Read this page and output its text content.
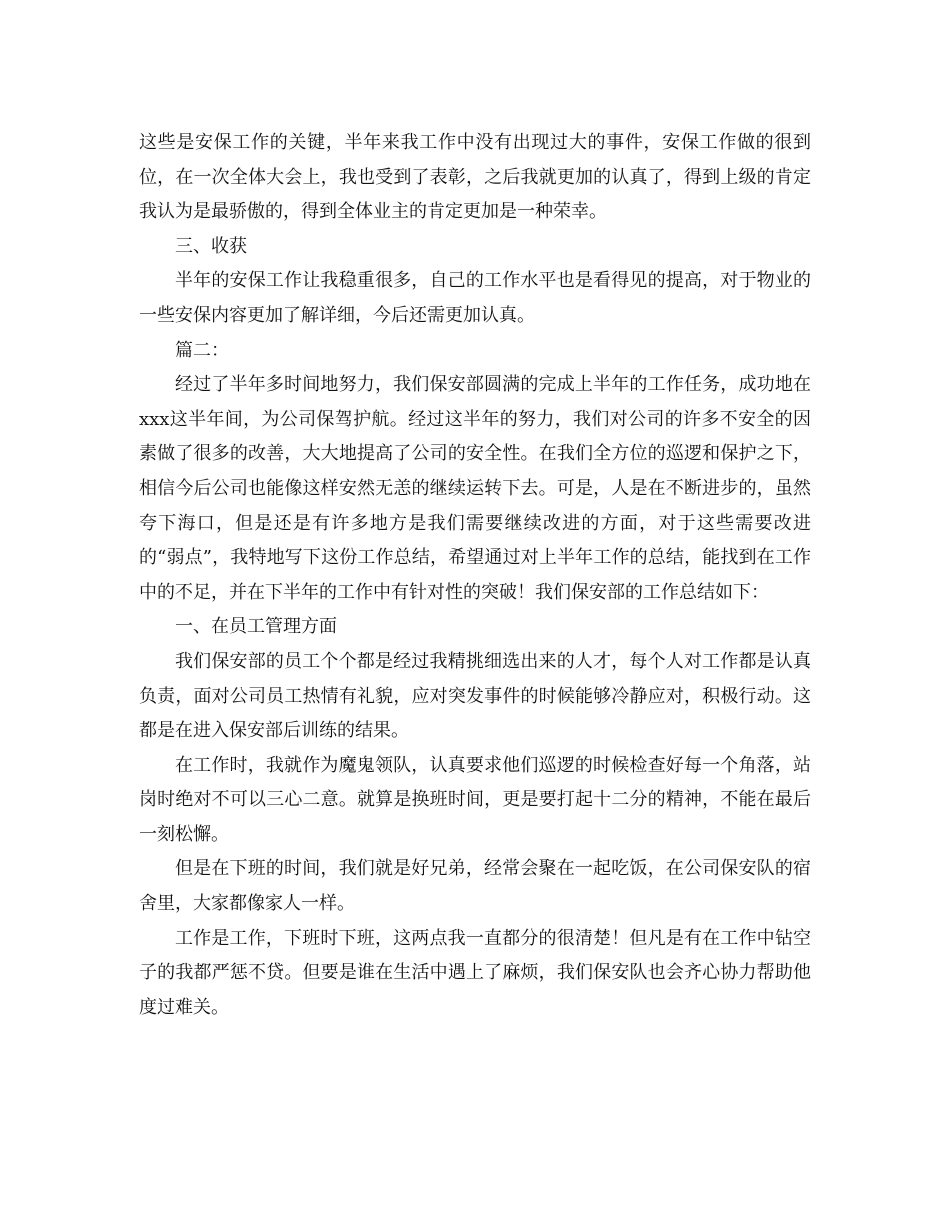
这些是安保工作的关键，半年来我工作中没有出现过大的事件，安保工作做的很到位，在一次全体大会上，我也受到了表彰，之后我就更加的认真了，得到上级的肯定我认为是最骄傲的，得到全体业主的肯定更加是一种荣幸。

三、收获

半年的安保工作让我稳重很多，自己的工作水平也是看得见的提高，对于物业的一些安保内容更加了解详细，今后还需更加认真。

篇二：

经过了半年多时间地努力，我们保安部圆满的完成上半年的工作任务，成功地在xxx这半年间，为公司保驾护航。经过这半年的努力，我们对公司的许多不安全的因素做了很多的改善，大大地提高了公司的安全性。在我们全方位的巡逻和保护之下，相信今后公司也能像这样安然无恙的继续运转下去。可是，人是在不断进步的，虽然夸下海口，但是还是有许多地方是我们需要继续改进的方面，对于这些需要改进的“弱点”，我特地写下这份工作总结，希望通过对上半年工作的总结，能找到在工作中的不足，并在下半年的工作中有针对性的突破！我们保安部的工作总结如下：

一、在员工管理方面

我们保安部的员工个个都是经过我精挑细选出来的人才，每个人对工作都是认真负责，面对公司员工热情有礼貌，应对突发事件的时候能够冷静应对，积极行动。这都是在进入保安部后训练的结果。

在工作时，我就作为魔鬼领队，认真要求他们巡逻的时候检查好每一个角落，站岗时绝对不可以三心二意。就算是换班时间，更是要打起十二分的精神，不能在最后一刻松懈。

但是在下班的时间，我们就是好兄弟，经常会聚在一起吃饭，在公司保安队的宿舍里，大家都像家人一样。

工作是工作，下班时下班，这两点我一直都分的很清楚！但凡是有在工作中钻空子的我都严惩不贷。但要是谁在生活中遇上了麻烦，我们保安队也会齐心协力帮助他度过难关。
